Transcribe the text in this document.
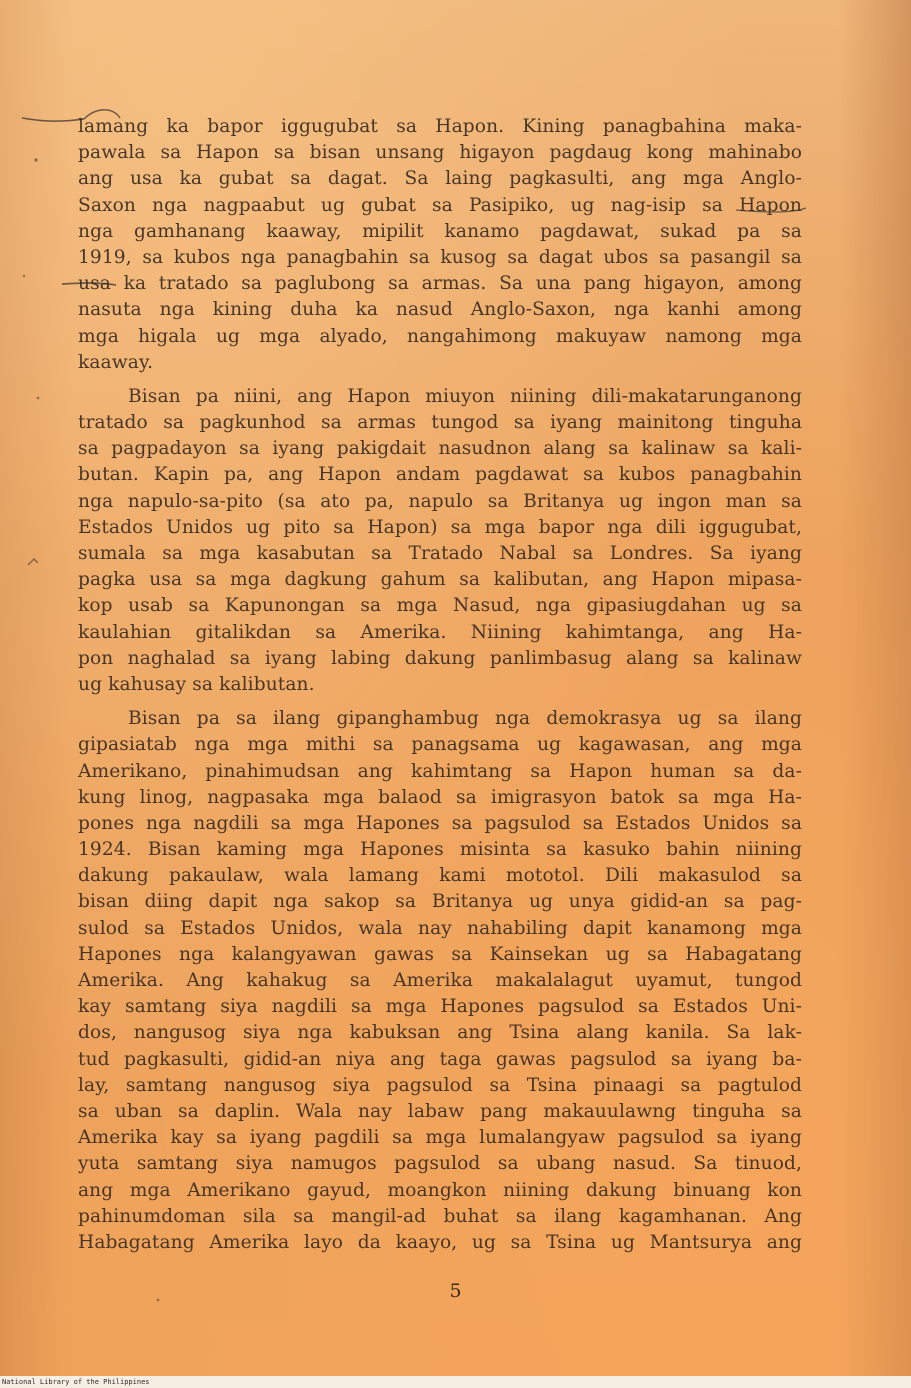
lamang ka bapor iggugubat sa Hapon. Kining panagbahina maka-
pawala sa Hapon sa bisan unsang higayon pagdaug kong mahinabo
ang usa ka gubat sa dagat. Sa laing pagkasulti, ang mga Anglo-
Saxon nga nagpaabut ug gubat sa Pasipiko, ug nag-isip sa Hapon
nga gamhanang kaaway, mipilit kanamo pagdawat, sukad pa sa
1919, sa kubos nga panagbahin sa kusog sa dagat ubos sa pasangil sa
usa ka tratado sa paglubong sa armas. Sa una pang higayon, among
nasuta nga kining duha ka nasud Anglo-Saxon, nga kanhi among
mga higala ug mga alyado, nangahimong makuyaw namong mga
kaaway.
Bisan pa niini, ang Hapon miuyon niining dili-makatarunganong
tratado sa pagkunhod sa armas tungod sa iyang mainitong tinguha
sa pagpadayon sa iyang pakigdait nasudnon alang sa kalinaw sa kali-
butan. Kapin pa, ang Hapon andam pagdawat sa kubos panagbahin
nga napulo-sa-pito (sa ato pa, napulo sa Britanya ug ingon man sa
Estados Unidos ug pito sa Hapon) sa mga bapor nga dili iggugubat,
sumala sa mga kasabutan sa Tratado Nabal sa Londres. Sa iyang
pagka usa sa mga dagkung gahum sa kalibutan, ang Hapon mipasa-
kop usab sa Kapunongan sa mga Nasud, nga gipasiugdahan ug sa
kaulahian gitalikdan sa Amerika. Niining kahimtanga, ang Ha-
pon naghalad sa iyang labing dakung panlimbasug alang sa kalinaw
ug kahusay sa kalibutan.
Bisan pa sa ilang gipanghambug nga demokrasya ug sa ilang
gipasiatab nga mga mithi sa panagsama ug kagawasan, ang mga
Amerikano, pinahimudsan ang kahimtang sa Hapon human sa da-
kung linog, nagpasaka mga balaod sa imigrasyon batok sa mga Ha-
pones nga nagdili sa mga Hapones sa pagsulod sa Estados Unidos sa
1924. Bisan kaming mga Hapones misinta sa kasuko bahin niining
dakung pakaulaw, wala lamang kami mototol. Dili makasulod sa
bisan diing dapit nga sakop sa Britanya ug unya gidid-an sa pag-
sulod sa Estados Unidos, wala nay nahabiling dapit kanamong mga
Hapones nga kalangyawan gawas sa Kainsekan ug sa Habagatang
Amerika. Ang kahakug sa Amerika makalalagut uyamut, tungod
kay samtang siya nagdili sa mga Hapones pagsulod sa Estados Uni-
dos, nangusog siya nga kabuksan ang Tsina alang kanila. Sa lak-
tud pagkasulti, gidid-an niya ang taga gawas pagsulod sa iyang ba-
lay, samtang nangusog siya pagsulod sa Tsina pinaagi sa pagtulod
sa uban sa daplin. Wala nay labaw pang makauulawng tinguha sa
Amerika kay sa iyang pagdili sa mga lumalangyaw pagsulod sa iyang
yuta samtang siya namugos pagsulod sa ubang nasud. Sa tinuod,
ang mga Amerikano gayud, moangkon niining dakung binuang kon
pahinumdoman sila sa mangil-ad buhat sa ilang kagamhanan. Ang
Habagatang Amerika layo da kaayo, ug sa Tsina ug Mantsurya ang
5
National Library of the Philippines
